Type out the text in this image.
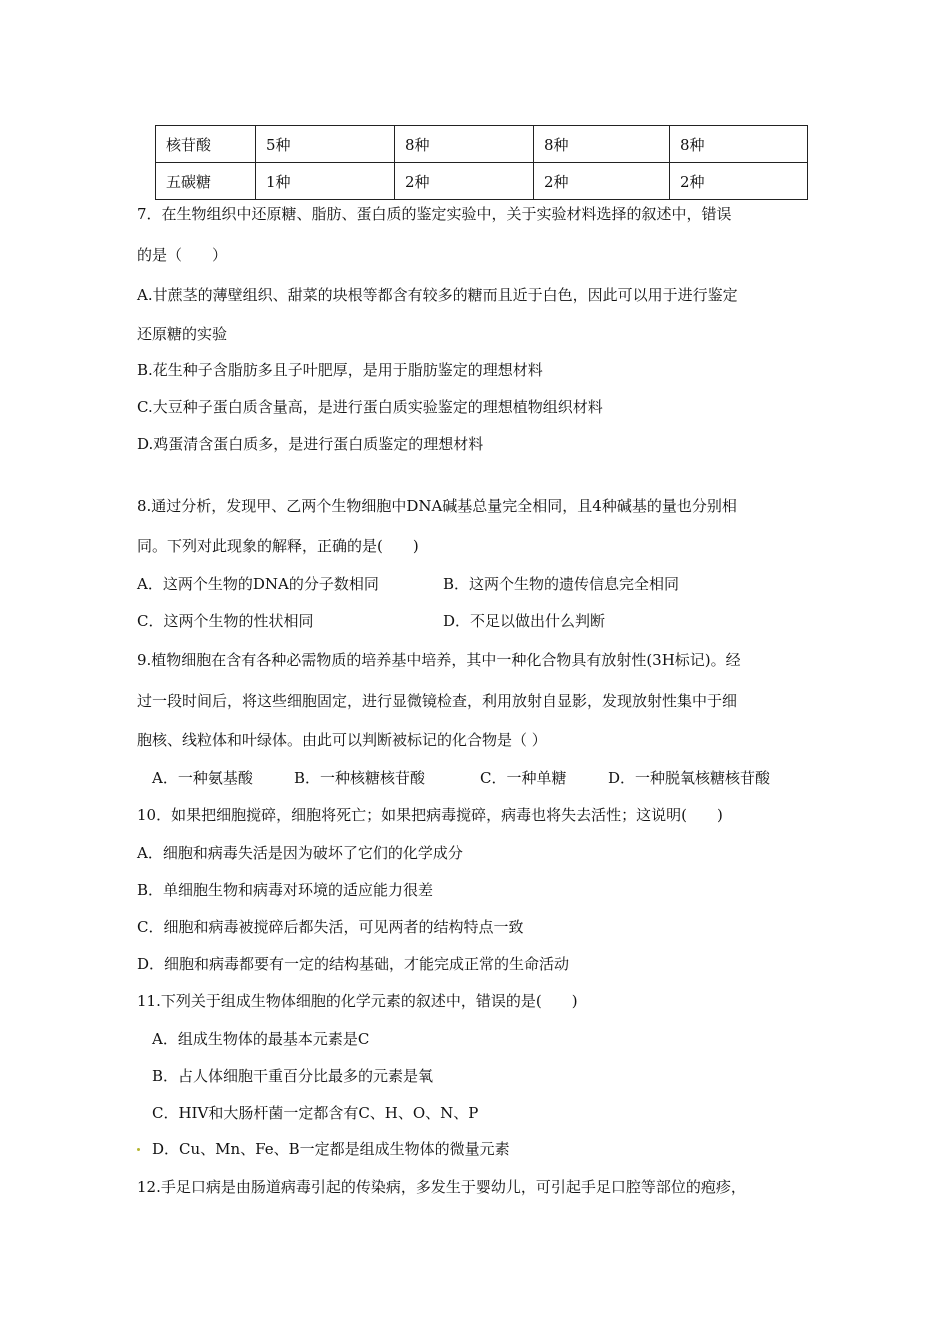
核苷酸	5种	8种	8种	8种
五碳糖	1种	2种	2种	2种
7．在生物组织中还原糖、脂肪、蛋白质的鉴定实验中，关于实验材料选择的叙述中，错误
的是（　　）
A.甘蔗茎的薄壁组织、甜菜的块根等都含有较多的糖而且近于白色，因此可以用于进行鉴定
还原糖的实验
B.花生种子含脂肪多且子叶肥厚，是用于脂肪鉴定的理想材料
C.大豆种子蛋白质含量高，是进行蛋白质实验鉴定的理想植物组织材料
D.鸡蛋清含蛋白质多，是进行蛋白质鉴定的理想材料
8.通过分析，发现甲、乙两个生物细胞中DNA碱基总量完全相同，且4种碱基的量也分别相
同。下列对此现象的解释，正确的是(　　)
A．这两个生物的DNA的分子数相同	B．这两个生物的遗传信息完全相同
C．这两个生物的性状相同	D．不足以做出什么判断
9.植物细胞在含有各种必需物质的培养基中培养，其中一种化合物具有放射性(3H标记)。经
过一段时间后，将这些细胞固定，进行显微镜检查，利用放射自显影，发现放射性集中于细
胞核、线粒体和叶绿体。由此可以判断被标记的化合物是（ ）
A．一种氨基酸	B．一种核糖核苷酸	C．一种单糖	D．一种脱氧核糖核苷酸
10．如果把细胞搅碎，细胞将死亡；如果把病毒搅碎，病毒也将失去活性；这说明(　　)
A．细胞和病毒失活是因为破坏了它们的化学成分
B．单细胞生物和病毒对环境的适应能力很差
C．细胞和病毒被搅碎后都失活，可见两者的结构特点一致
D．细胞和病毒都要有一定的结构基础，才能完成正常的生命活动
11.下列关于组成生物体细胞的化学元素的叙述中，错误的是(　　)
A．组成生物体的最基本元素是C
B．占人体细胞干重百分比最多的元素是氧
C．HIV和大肠杆菌一定都含有C、H、O、N、P
D．Cu、Mn、Fe、B一定都是组成生物体的微量元素
12.手足口病是由肠道病毒引起的传染病，多发生于婴幼儿，可引起手足口腔等部位的疱疹，
